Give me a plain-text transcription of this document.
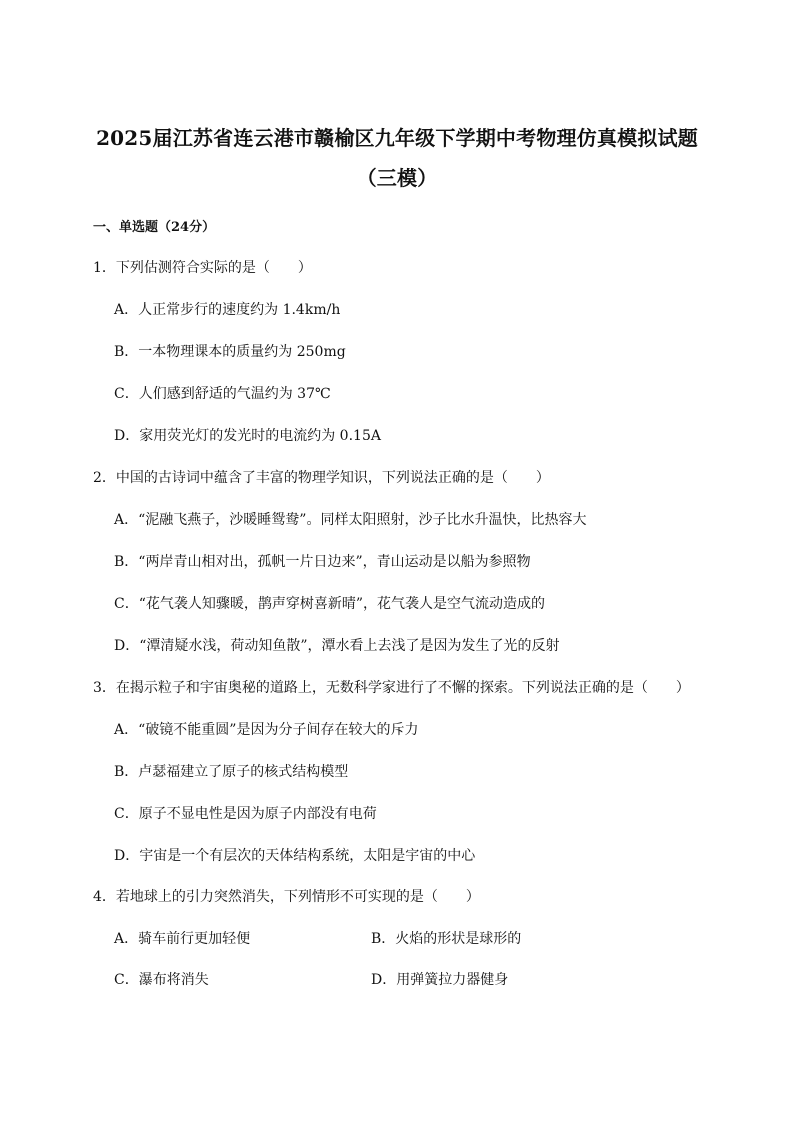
2025届江苏省连云港市赣榆区九年级下学期中考物理仿真模拟试题
（三模）
一、单选题（24分）
1．下列估测符合实际的是（　　）
A．人正常步行的速度约为 1.4km/h
B．一本物理课本的质量约为 250mg
C．人们感到舒适的气温约为 37℃
D．家用荧光灯的发光时的电流约为 0.15A
2．中国的古诗词中蕴含了丰富的物理学知识，下列说法正确的是（　　）
A．“泥融飞燕子，沙暖睡鸳鸯”。同样太阳照射，沙子比水升温快，比热容大
B．“两岸青山相对出，孤帆一片日边来”，青山运动是以船为参照物
C．“花气袭人知骤暖，鹊声穿树喜新晴”，花气袭人是空气流动造成的
D．“潭清疑水浅，荷动知鱼散”，潭水看上去浅了是因为发生了光的反射
3．在揭示粒子和宇宙奥秘的道路上，无数科学家进行了不懈的探索。下列说法正确的是（　　）
A．“破镜不能重圆”是因为分子间存在较大的斥力
B．卢瑟福建立了原子的核式结构模型
C．原子不显电性是因为原子内部没有电荷
D．宇宙是一个有层次的天体结构系统，太阳是宇宙的中心
4．若地球上的引力突然消失，下列情形不可实现的是（　　）
A．骑车前行更加轻便	B．火焰的形状是球形的
C．瀑布将消失	D．用弹簧拉力器健身
